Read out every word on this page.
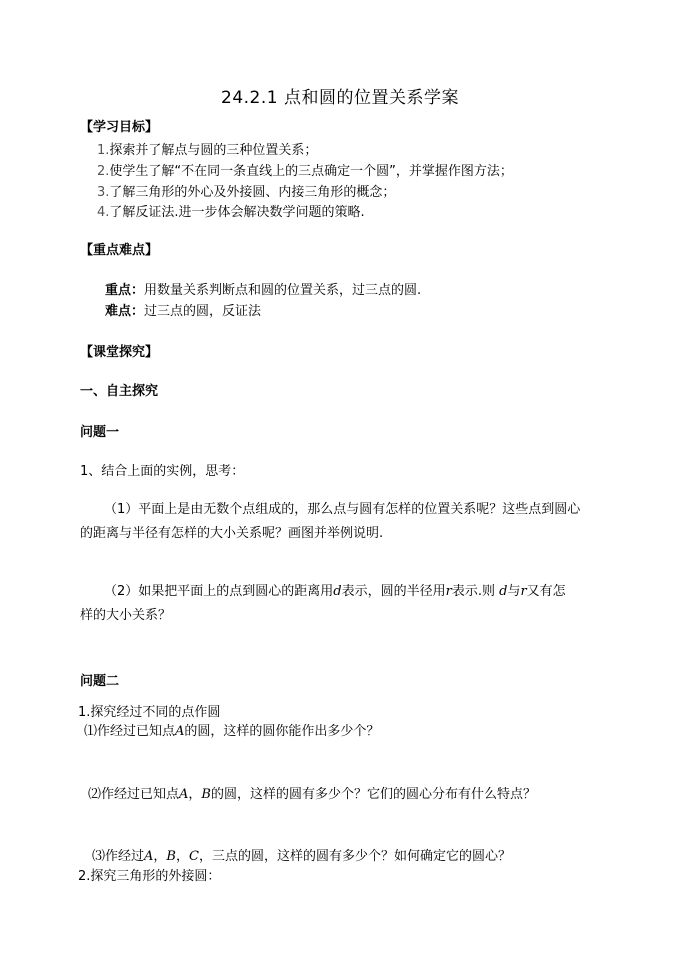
24.2.1 点和圆的位置关系学案
【学习目标】
1.探索并了解点与圆的三种位置关系；
2.使学生了解“不在同一条直线上的三点确定一个圆”，并掌握作图方法；
3.了解三角形的外心及外接圆、内接三角形的概念；
4.了解反证法.进一步体会解决数学问题的策略.
【重点难点】
重点：用数量关系判断点和圆的位置关系，过三点的圆.
难点：过三点的圆，反证法
【课堂探究】
一、自主探究
问题一
1、结合上面的实例，思考：
（1）平面上是由无数个点组成的，那么点与圆有怎样的位置关系呢？这些点到圆心
的距离与半径有怎样的大小关系呢？画图并举例说明.
（2）如果把平面上的点到圆心的距离用d表示，圆的半径用r表示.则 d与r又有怎
样的大小关系？
问题二
1.探究经过不同的点作圆
⑴作经过已知点A的圆，这样的圆你能作出多少个？
⑵作经过已知点A，B的圆，这样的圆有多少个？它们的圆心分布有什么特点？
⑶作经过A，B，C，三点的圆，这样的圆有多少个？如何确定它的圆心？
2.探究三角形的外接圆：
